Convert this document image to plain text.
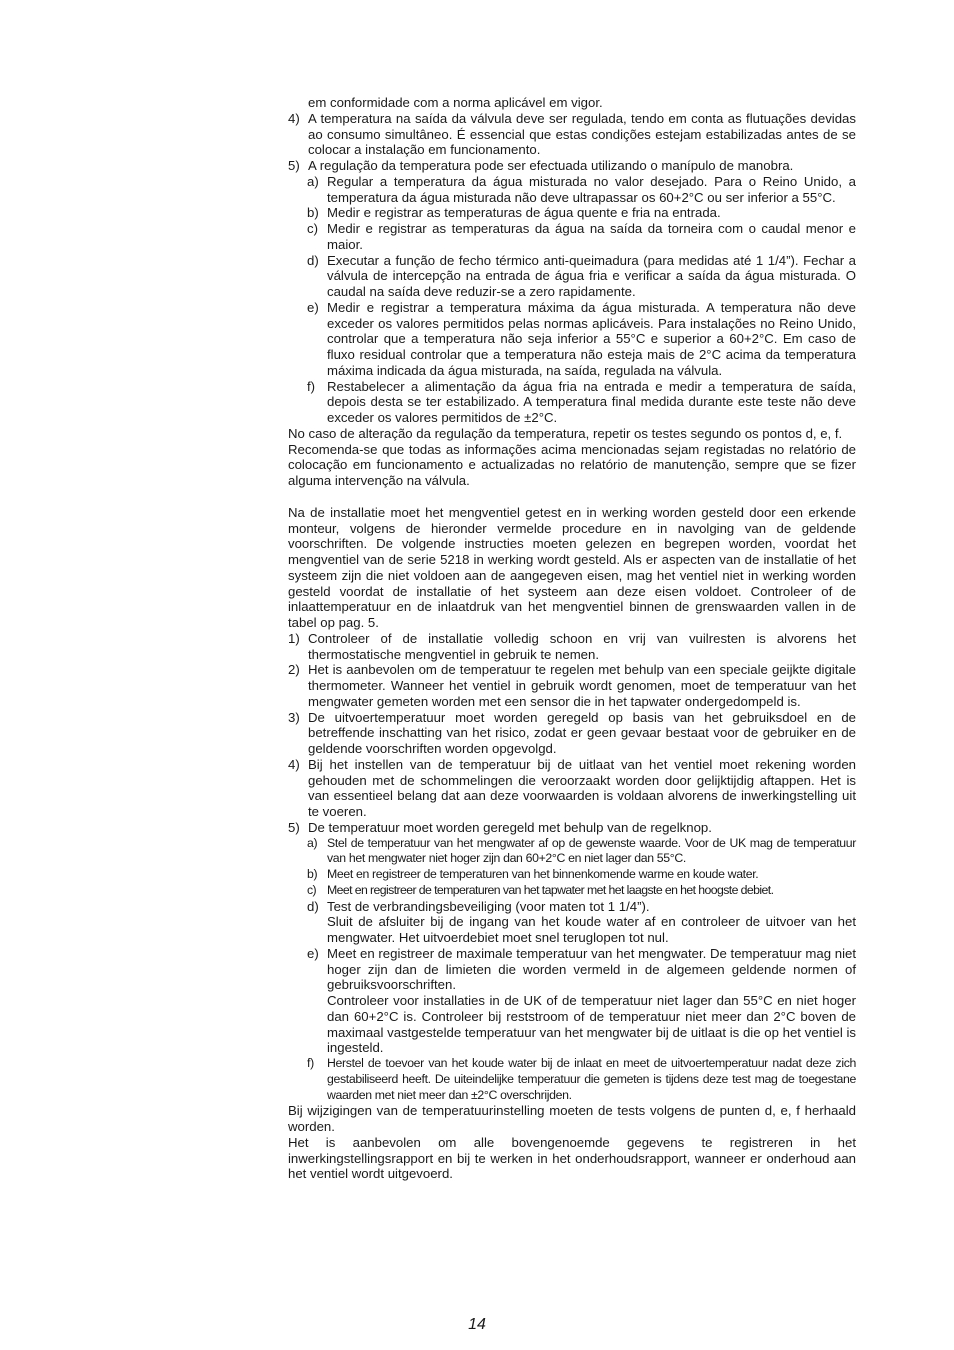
em conformidade com a norma aplicável em vigor.
4) A temperatura na saída da válvula deve ser regulada, tendo em conta as flutuações devidas ao consumo simultâneo. É essencial que estas condições estejam estabilizadas antes de se colocar a instalação em funcionamento.
5) A regulação da temperatura pode ser efectuada utilizando o manípulo de manobra.
a) Regular a temperatura da água misturada no valor desejado. Para o Reino Unido, a temperatura da água misturada não deve ultrapassar os 60+2°C ou ser inferior a 55°C.
b) Medir e registrar as temperaturas de água quente e fria na entrada.
c) Medir e registrar as temperaturas da água na saída da torneira com o caudal menor e maior.
d) Executar a função de fecho térmico anti-queimadura (para medidas até 1 1/4”). Fechar a válvula de intercepção na entrada de água fria e verificar a saída da água misturada. O caudal na saída deve reduzir-se a zero rapidamente.
e) Medir e registrar a temperatura máxima da água misturada. A temperatura não deve exceder os valores permitidos pelas normas aplicáveis. Para instalações no Reino Unido, controlar que a temperatura não seja inferior a 55°C e superior a 60+2°C. Em caso de fluxo residual controlar que a temperatura não esteja mais de 2°C acima da temperatura máxima indicada da água misturada, na saída, regulada na válvula.
f) Restabelecer a alimentação da água fria na entrada e medir a temperatura de saída, depois desta se ter estabilizado. A temperatura final medida durante este teste não deve exceder os valores permitidos de ±2°C.

No caso de alteração da regulação da temperatura, repetir os testes segundo os pontos d, e, f.

Recomenda-se que todas as informações acima mencionadas sejam registadas no relatório de colocação em funcionamento e actualizadas no relatório de manutenção, sempre que se fizer alguma intervenção na válvula.

Na de installatie moet het mengventiel getest en in werking worden gesteld door een erkende monteur, volgens de hieronder vermelde procedure en in navolging van de geldende voorschriften. De volgende instructies moeten gelezen en begrepen worden, voordat het mengventiel van de serie 5218 in werking wordt gesteld. Als er aspecten van de installatie of het systeem zijn die niet voldoen aan de aangegeven eisen, mag het ventiel niet in werking worden gesteld voordat de installatie of het systeem aan deze eisen voldoet. Controleer of de inlaattemperatuur en de inlaatdruk van het mengventiel binnen de grenswaarden vallen in de tabel op pag. 5.

1) Controleer of de installatie volledig schoon en vrij van vuilresten is alvorens het thermostatische mengventiel in gebruik te nemen.
2) Het is aanbevolen om de temperatuur te regelen met behulp van een speciale geijkte digitale thermometer. Wanneer het ventiel in gebruik wordt genomen, moet de temperatuur van het mengwater gemeten worden met een sensor die in het tapwater ondergedompeld is.
3) De uitvoertemperatuur moet worden geregeld op basis van het gebruiksdoel en de betreffende inschatting van het risico, zodat er geen gevaar bestaat voor de gebruiker en de geldende voorschriften worden opgevolgd.
4) Bij het instellen van de temperatuur bij de uitlaat van het ventiel moet rekening worden gehouden met de schommelingen die veroorzaakt worden door gelijktijdig aftappen. Het is van essentieel belang dat aan deze voorwaarden is voldaan alvorens de inwerkingstelling uit te voeren.
5) De temperatuur moet worden geregeld met behulp van de regelknop.
a) Stel de temperatuur van het mengwater af op de gewenste waarde. Voor de UK mag de temperatuur van het mengwater niet hoger zijn dan 60+2°C en niet lager dan 55°C.
b) Meet en registreer de temperaturen van het binnenkomende warme en koude water.
c) Meet en registreer de temperaturen van het tapwater met het laagste en het hoogste debiet.
d) Test de verbrandingsbeveiliging (voor maten tot 1 1/4”).
Sluit de afsluiter bij de ingang van het koude water af en controleer de uitvoer van het mengwater. Het uitvoerdebiet moet snel teruglopen tot nul.
e) Meet en registreer de maximale temperatuur van het mengwater. De temperatuur mag niet hoger zijn dan de limieten die worden vermeld in de algemeen geldende normen of gebruiksvoorschriften.
Controleer voor installaties in de UK of de temperatuur niet lager dan 55°C en niet hoger dan 60+2°C is. Controleer bij reststroom of de temperatuur niet meer dan 2°C boven de maximaal vastgestelde temperatuur van het mengwater bij de uitlaat is die op het ventiel is ingesteld.
f) Herstel de toevoer van het koude water bij de inlaat en meet de uitvoertemperatuur nadat deze zich gestabiliseerd heeft. De uiteindelijke temperatuur die gemeten is tijdens deze test mag de toegestane waarden met niet meer dan ±2°C overschrijden.

Bij wijzigingen van de temperatuurinstelling moeten de tests volgens de punten d, e, f herhaald worden.

Het is aanbevolen om alle bovengenoemde gegevens te registreren in het inwerkingstellingsrapport en bij te werken in het onderhoudsrapport, wanneer er onderhoud aan het ventiel wordt uitgevoerd.

14
